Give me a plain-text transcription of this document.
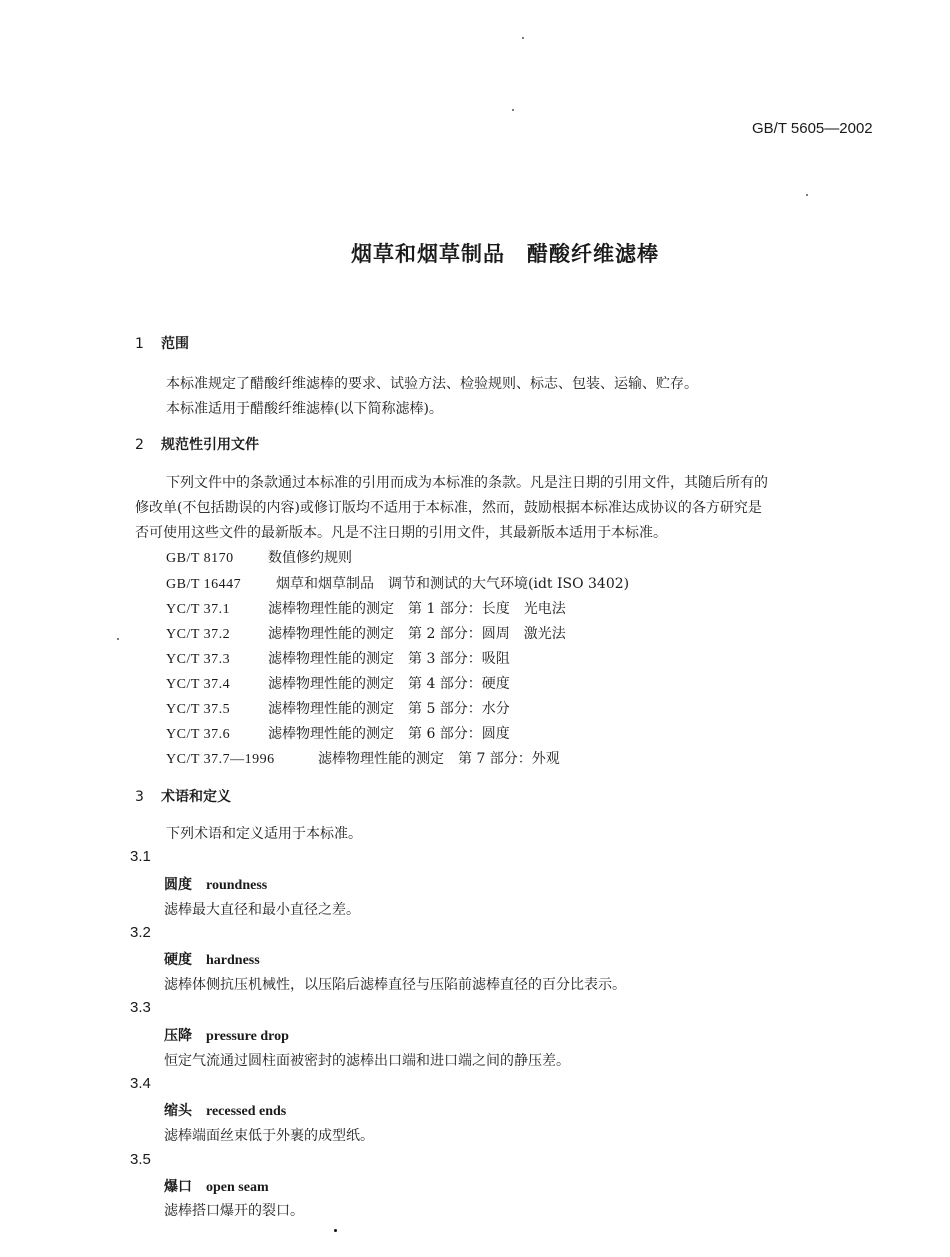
GB/T 5605—2002
烟草和烟草制品　醋酸纤维滤棒
1 范围
本标准规定了醋酸纤维滤棒的要求、试验方法、检验规则、标志、包装、运输、贮存。
本标准适用于醋酸纤维滤棒(以下简称滤棒)。
2 规范性引用文件
下列文件中的条款通过本标准的引用而成为本标准的条款。凡是注日期的引用文件，其随后所有的
修改单(不包括勘误的内容)或修订版均不适用于本标准，然而，鼓励根据本标准达成协议的各方研究是
否可使用这些文件的最新版本。凡是不注日期的引用文件，其最新版本适用于本标准。
GB/T 8170 数值修约规则
GB/T 16447 烟草和烟草制品　调节和测试的大气环境(idt ISO 3402)
YC/T 37.1	滤棒物理性能的测定　第 1 部分：长度　光电法
YC/T 37.2	滤棒物理性能的测定　第 2 部分：圆周　激光法
YC/T 37.3	滤棒物理性能的测定　第 3 部分：吸阻
YC/T 37.4	滤棒物理性能的测定　第 4 部分：硬度
YC/T 37.5	滤棒物理性能的测定　第 5 部分：水分
YC/T 37.6	滤棒物理性能的测定　第 6 部分：圆度
YC/T 37.7—1996	滤棒物理性能的测定　第 7 部分：外观
3 术语和定义
下列术语和定义适用于本标准。
3.1
圆度 roundness
滤棒最大直径和最小直径之差。
3.2
硬度 hardness
滤棒体侧抗压机械性，以压陷后滤棒直径与压陷前滤棒直径的百分比表示。
3.3
压降 pressure drop
恒定气流通过圆柱面被密封的滤棒出口端和进口端之间的静压差。
3.4
缩头 recessed ends
滤棒端面丝束低于外裹的成型纸。
3.5
爆口 open seam
滤棒搭口爆开的裂口。
